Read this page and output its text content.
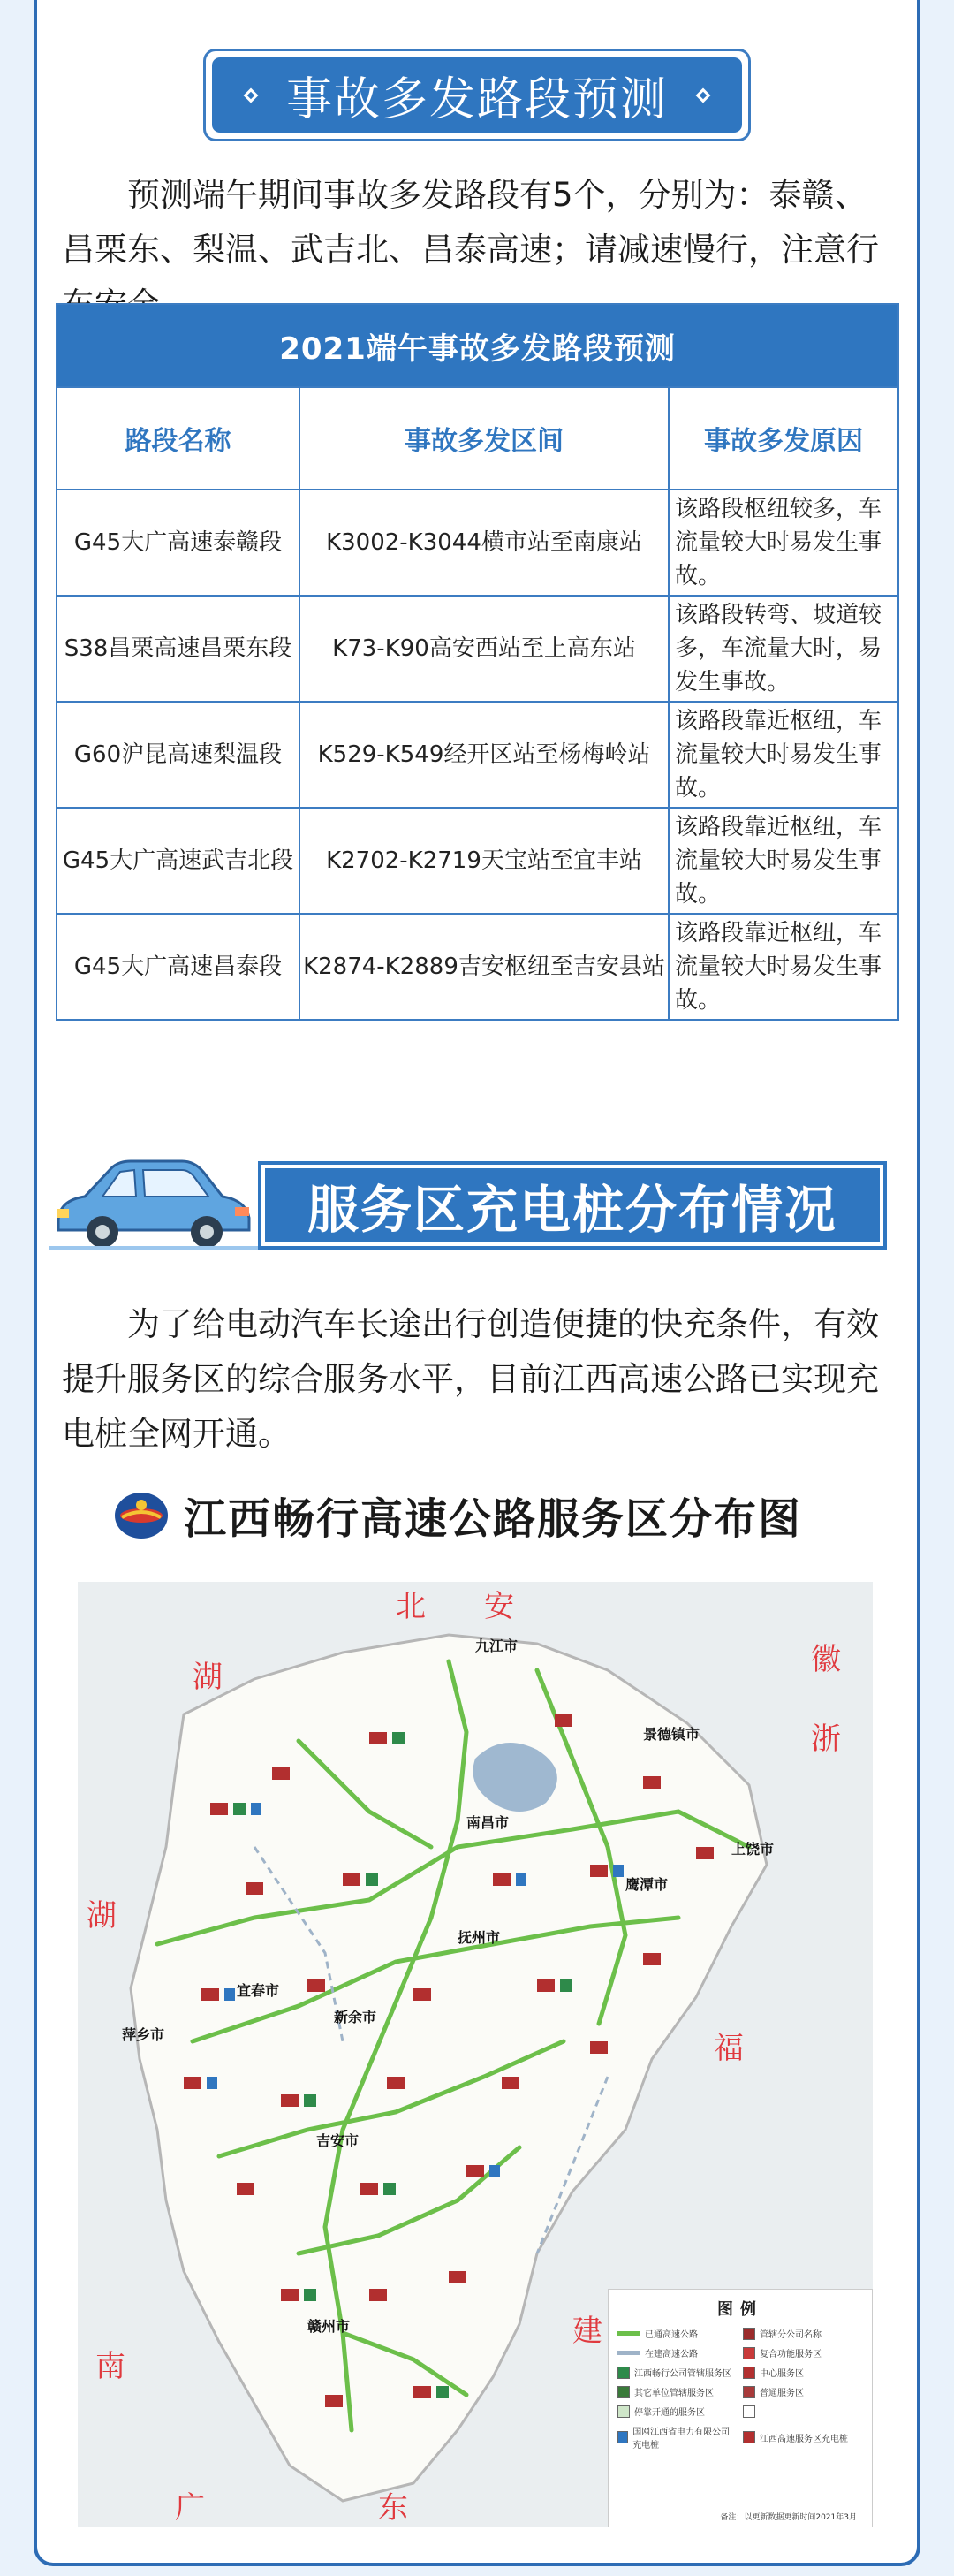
事故多发路段预测

预测端午期间事故多发路段有5个，分别为：泰赣、昌栗东、梨温、武吉北、昌泰高速；请减速慢行，注意行

2021端午事故多发路段预测		
路段名称	事故多发区间	事故多发原因
G45大广高速泰赣段	K3002-K3044横市站至南康站	该路段枢纽较多，车流量较大时易发生事故。
S38昌栗高速昌栗东段	K73-K90高安西站至上高东站	该路段转弯、坡道较多，车流量大时，易发生事故。
G60沪昆高速梨温段	K529-K549经开区站至杨梅岭站	该路段靠近枢纽，车流量较大时易发生事故。
G45大广高速武吉北段	K2702-K2719天宝站至宜丰站	该路段靠近枢纽，车流量较大时易发生事故。
G45大广高速昌泰段	K2874-K2889吉安枢纽至吉安县站	该路段靠近枢纽，车流量较大时易发生事故。
服务区充电桩分布情况

为了给电动汽车长途出行创造便捷的快充条件，有效提升服务区的综合服务水平，目前江西高速公路已实现充电桩全网开通。

江西畅行高速公路服务区分布图
北 安
徽
浙
湖
湖
福
建
南
广	东
九江市
景德镇市
南昌市
上饶市
鹰潭市
抚州市
宜春市
新余市
萍乡市
吉安市
赣州市
图例
已通高速公路	管辖分公司名称
在建高速公路	复合功能服务区
江西畅行公司管辖服务区	中心服务区
其它单位管辖服务区	普通服务区
停靠开通的服务区
国网江西省电力有限公司充电桩
江西高速服务区充电桩
备注：以更新数据更新时间2021年3月
